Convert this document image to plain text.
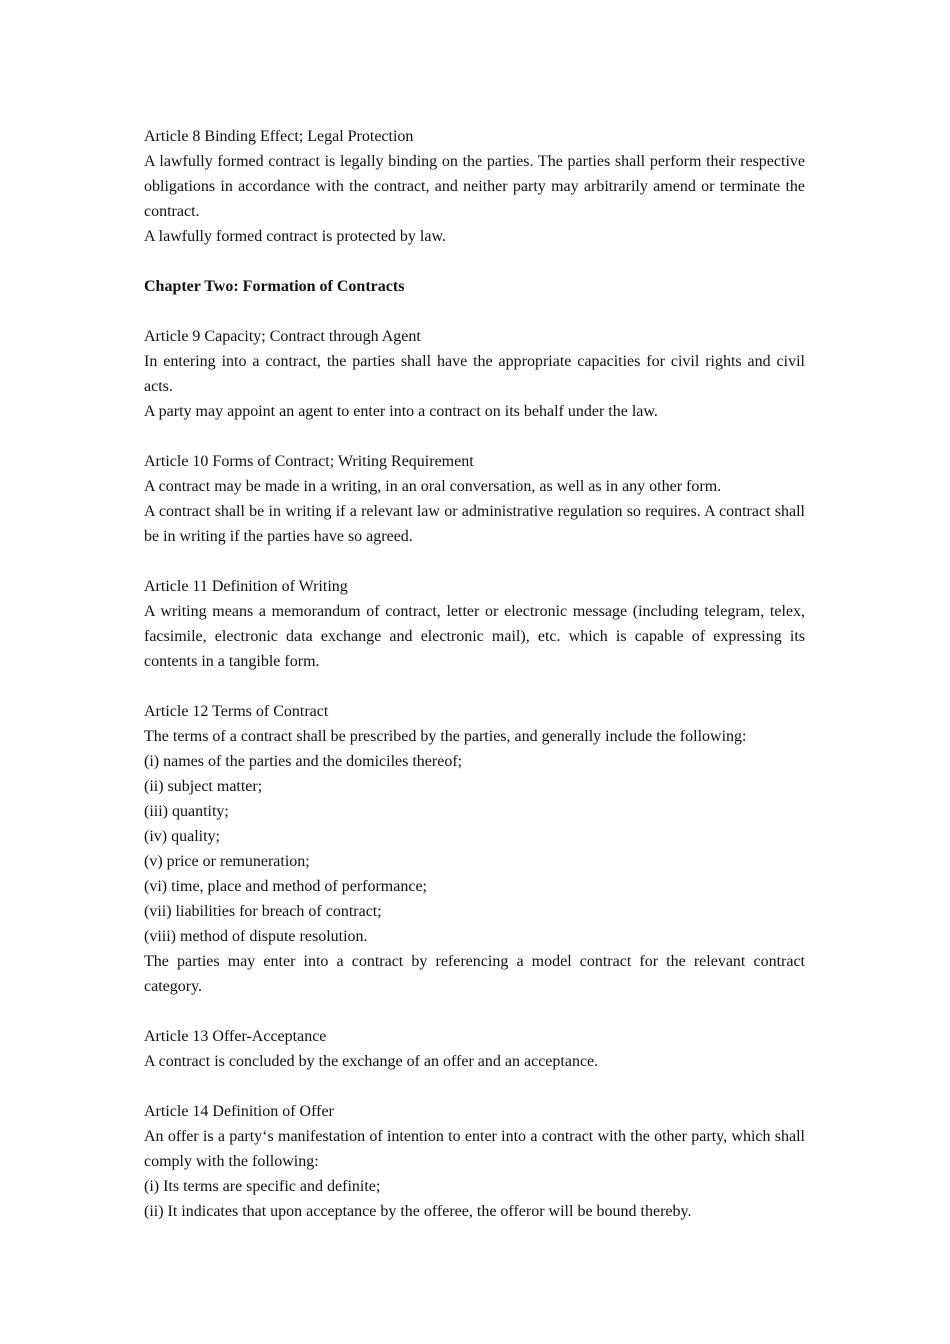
Article 8 Binding Effect; Legal Protection
A lawfully formed contract is legally binding on the parties. The parties shall perform their respective obligations in accordance with the contract, and neither party may arbitrarily amend or terminate the contract.
A lawfully formed contract is protected by law.
Chapter Two: Formation of Contracts
Article 9 Capacity; Contract through Agent
In entering into a contract, the parties shall have the appropriate capacities for civil rights and civil acts.
A party may appoint an agent to enter into a contract on its behalf under the law.
Article 10 Forms of Contract; Writing Requirement
A contract may be made in a writing, in an oral conversation, as well as in any other form.
A contract shall be in writing if a relevant law or administrative regulation so requires. A contract shall be in writing if the parties have so agreed.
Article 11 Definition of Writing
A writing means a memorandum of contract, letter or electronic message (including telegram, telex, facsimile, electronic data exchange and electronic mail), etc. which is capable of expressing its contents in a tangible form.
Article 12 Terms of Contract
The terms of a contract shall be prescribed by the parties, and generally include the following:
(i) names of the parties and the domiciles thereof;
(ii) subject matter;
(iii) quantity;
(iv) quality;
(v) price or remuneration;
(vi) time, place and method of performance;
(vii) liabilities for breach of contract;
(viii) method of dispute resolution.
The parties may enter into a contract by referencing a model contract for the relevant contract category.
Article 13 Offer-Acceptance
A contract is concluded by the exchange of an offer and an acceptance.
Article 14 Definition of Offer
An offer is a party‘s manifestation of intention to enter into a contract with the other party, which shall comply with the following:
(i) Its terms are specific and definite;
(ii) It indicates that upon acceptance by the offeree, the offeror will be bound thereby.
